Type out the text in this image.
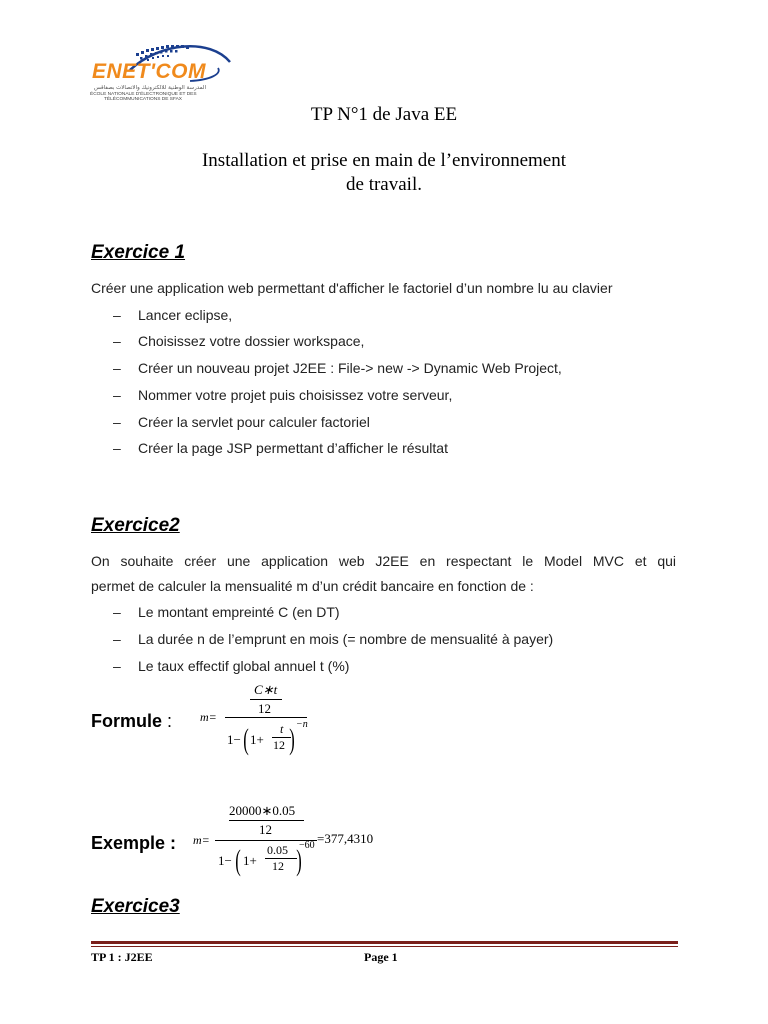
ENET'COM
المدرسة الوطنية للالكترونيك والاتصالات بصفاقس
ÉCOLE NATIONALE D'ÉLECTRONIQUE ET DES
TÉLÉCOMMUNICATIONS DE SFAX
TP N°1 de Java EE
Installation et prise en main de l’environnement
de travail.
Exercice 1
Créer une application web permettant d'afficher le factoriel d’un nombre lu au clavier
– Lancer eclipse,
– Choisissez votre dossier workspace,
– Créer un nouveau projet J2EE : File-> new -> Dynamic Web Project,
– Nommer votre projet puis choisissez votre serveur,
– Créer la servlet pour calculer factoriel
– Créer la page JSP permettant d’afficher le résultat
Exercice2
On souhaite créer une application web J2EE en respectant le Model MVC et qui
permet de calculer la mensualité m d’un crédit bancaire en fonction de :
– Le montant empreinté C (en DT)
– La durée n de l’emprunt en mois (= nombre de mensualité à payer)
– Le taux effectif global annuel t (%)
Formule : m=
C∗t
12
1− ( 1+
t
12 ) −n
Exemple : m=
20000∗0.05
12
1− ( 1+
0.05
12 )
−60 =377,4310
Exercice3
TP 1 : J2EE	Page 1
